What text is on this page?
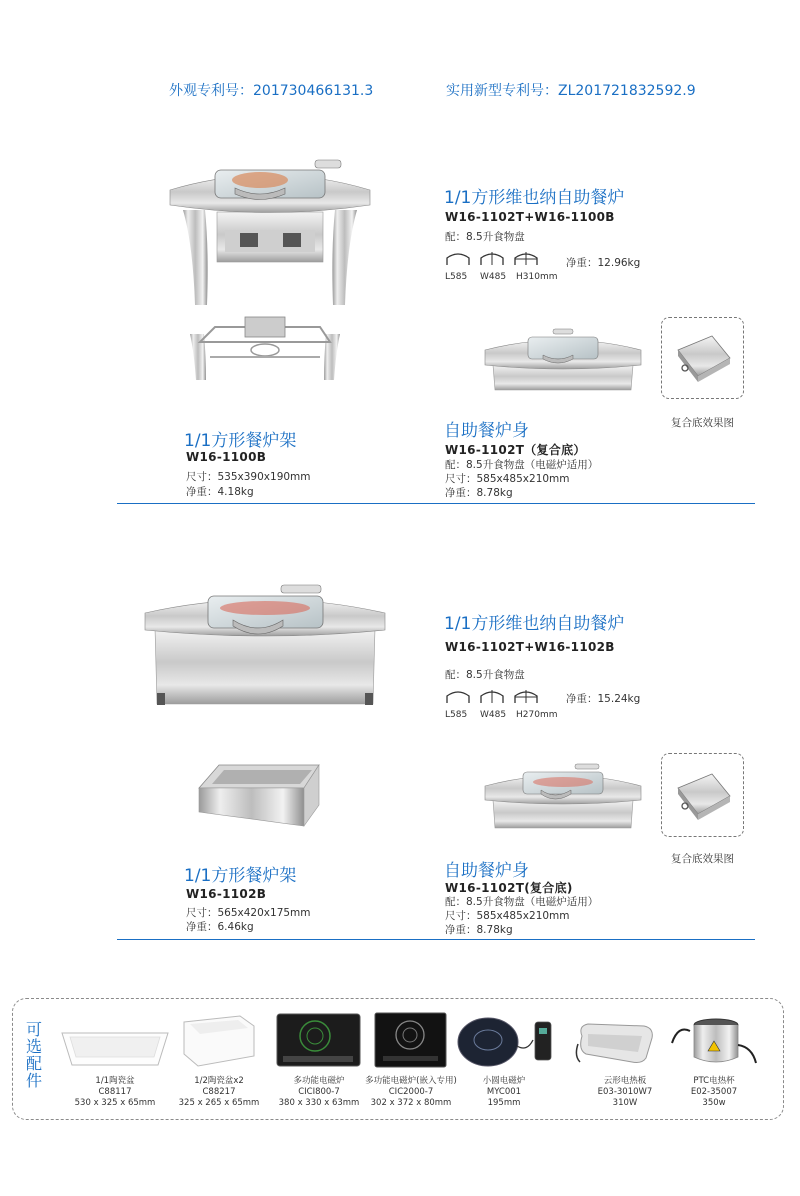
外观专利号：201730466131.3	实用新型专利号：ZL201721832592.9
1/1方形维也纳自助餐炉
W16-1102T+W16-1100B
配：8.5升食物盘
L585 W485 H310mm
净重：12.96kg
1/1方形餐炉架
W16-1100B
尺寸：535x390x190mm
净重：4.18kg
复合底效果图
自助餐炉身
W16-1102T（复合底）
配：8.5升食物盘（电磁炉适用）
尺寸：585x485x210mm
净重：8.78kg
1/1方形维也纳自助餐炉
W16-1102T+W16-1102B
配：8.5升食物盘
L585 W485 H270mm
净重：15.24kg
1/1方形餐炉架
W16-1102B
尺寸：565x420x175mm
净重：6.46kg
复合底效果图
自助餐炉身
W16-1102T(复合底)
配：8.5升食物盘（电磁炉适用）
尺寸：585x485x210mm
净重：8.78kg
可
选
配
件	1/1陶瓷盆
C88117
530 x 325 x 65mm
1/2陶瓷盆x2
C88217
325 x 265 x 65mm
多功能电磁炉
CICI800-7
380 x 330 x 63mm
多功能电磁炉(嵌入专用)
CIC2000-7
302 x 372 x 80mm
小圆电磁炉
MYC001
195mm
云形电热板
E03-3010W7
310W
PTC电热杯
E02-35007
350w
